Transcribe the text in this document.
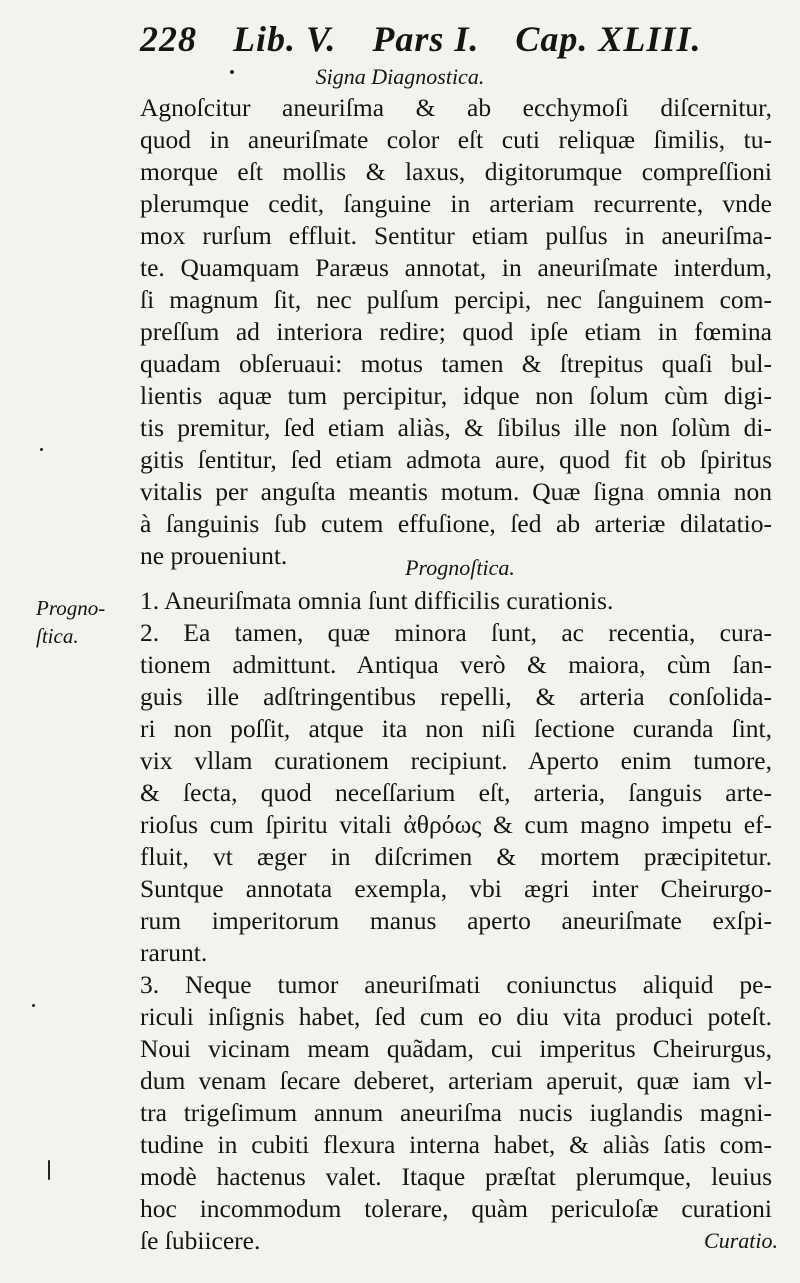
228 Lib. V. Pars I. Cap. XLIII.
Signa Diagnostica.
Agnoſcitur aneuriſma & ab ecchymoſi diſcernitur,
quod in aneuriſmate color eſt cuti reliquæ ſimilis, tu-
morque eſt mollis & laxus, digitorumque compreſſioni
plerumque cedit, ſanguine in arteriam recurrente, vnde
mox rurſum effluit. Sentitur etiam pulſus in aneuriſma-
te. Quamquam Paræus annotat, in aneuriſmate interdum,
ſi magnum ſit, nec pulſum percipi, nec ſanguinem com-
preſſum ad interiora redire; quod ipſe etiam in fœmina
quadam obſeruaui: motus tamen & ſtrepitus quaſi bul-
lientis aquæ tum percipitur, idque non ſolum cùm digi-
tis premitur, ſed etiam aliàs, & ſibilus ille non ſolùm di-
gitis ſentitur, ſed etiam admota aure, quod fit ob ſpiritus
vitalis per anguſta meantis motum. Quæ ſigna omnia non
à ſanguinis ſub cutem effuſione, ſed ab arteriæ dilatatio-
ne proueniunt.	Prognoſtica.
Progno-
ſtica.
1. Aneuriſmata omnia ſunt difficilis curationis.
2. Ea tamen, quæ minora ſunt, ac recentia, cura-
tionem admittunt. Antiqua verò & maiora, cùm ſan-
guis ille adſtringentibus repelli, & arteria conſolida-
ri non poſſit, atque ita non niſi ſectione curanda ſint,
vix vllam curationem recipiunt. Aperto enim tumore,
& ſecta, quod neceſſarium eſt, arteria, ſanguis arte-
rioſus cum ſpiritu vitali ἀθρόως & cum magno impetu ef-
fluit, vt æger in diſcrimen & mortem præcipitetur.
Suntque annotata exempla, vbi ægri inter Cheirurgo-
rum imperitorum manus aperto aneuriſmate exſpi-
rarunt.
3. Neque tumor aneuriſmati coniunctus aliquid pe-
riculi inſignis habet, ſed cum eo diu vita produci poteſt.
Noui vicinam meam quãdam, cui imperitus Cheirurgus,
dum venam ſecare deberet, arteriam aperuit, quæ iam vl-
tra trigeſimum annum aneuriſma nucis iuglandis magni-
tudine in cubiti flexura interna habet, & aliàs ſatis com-
modè hactenus valet. Itaque præſtat plerumque, leuius
hoc incommodum tolerare, quàm periculoſæ curationi
ſe ſubiicere.	Curatio.
